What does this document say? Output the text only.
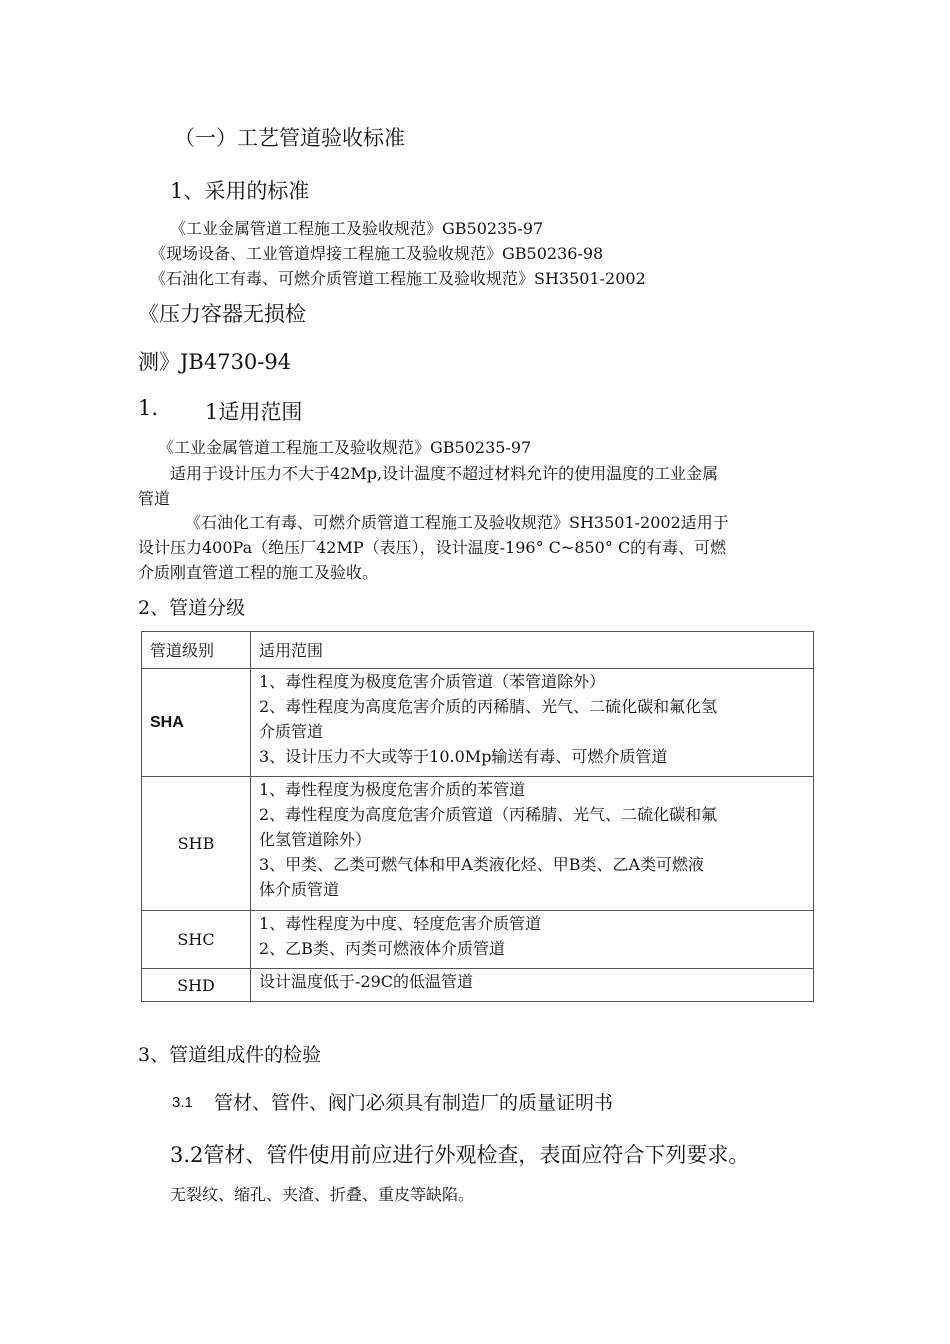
（一）工艺管道验收标准
1、采用的标准
《工业金属管道工程施工及验收规范》GB50235-97
《现场设备、工业管道焊接工程施工及验收规范》GB50236-98
《石油化工有毒、可燃介质管道工程施工及验收规范》SH3501-2002
《压力容器无损检
测》JB4730-94
1. 1适用范围
《工业金属管道工程施工及验收规范》GB50235-97
适用于设计压力不大于42Mp,设计温度不超过材料允许的使用温度的工业金属
管道
《石油化工有毒、可燃介质管道工程施工及验收规范》SH3501-2002适用于
设计压力400Pa（绝压厂42MP（表压），设计温度-196° C~850° C的有毒、可燃
介质刚直管道工程的施工及验收。
2、管道分级
管道级别	适用范围
SHA	1、毒性程度为极度危害介质管道（苯管道除外）
2、毒性程度为高度危害介质的丙稀腈、光气、二硫化碳和氟化氢
介质管道
3、设计压力不大或等于10.0Mp输送有毒、可燃介质管道

SHB	1、毒性程度为极度危害介质的苯管道
2、毒性程度为高度危害介质管道（丙稀腈、光气、二硫化碳和氟
化氢管道除外）
3、甲类、乙类可燃气体和甲A类液化烃、甲B类、乙A类可燃液
体介质管道

SHC	1、毒性程度为中度、轻度危害介质管道
2、乙B类、丙类可燃液体介质管道

SHD	设计温度低于-29C的低温管道
3、管道组成件的检验
3.1 管材、管件、阀门必须具有制造厂的质量证明书
3.2管材、管件使用前应进行外观检查，表面应符合下列要求。
无裂纹、缩孔、夹渣、折叠、重皮等缺陷。
